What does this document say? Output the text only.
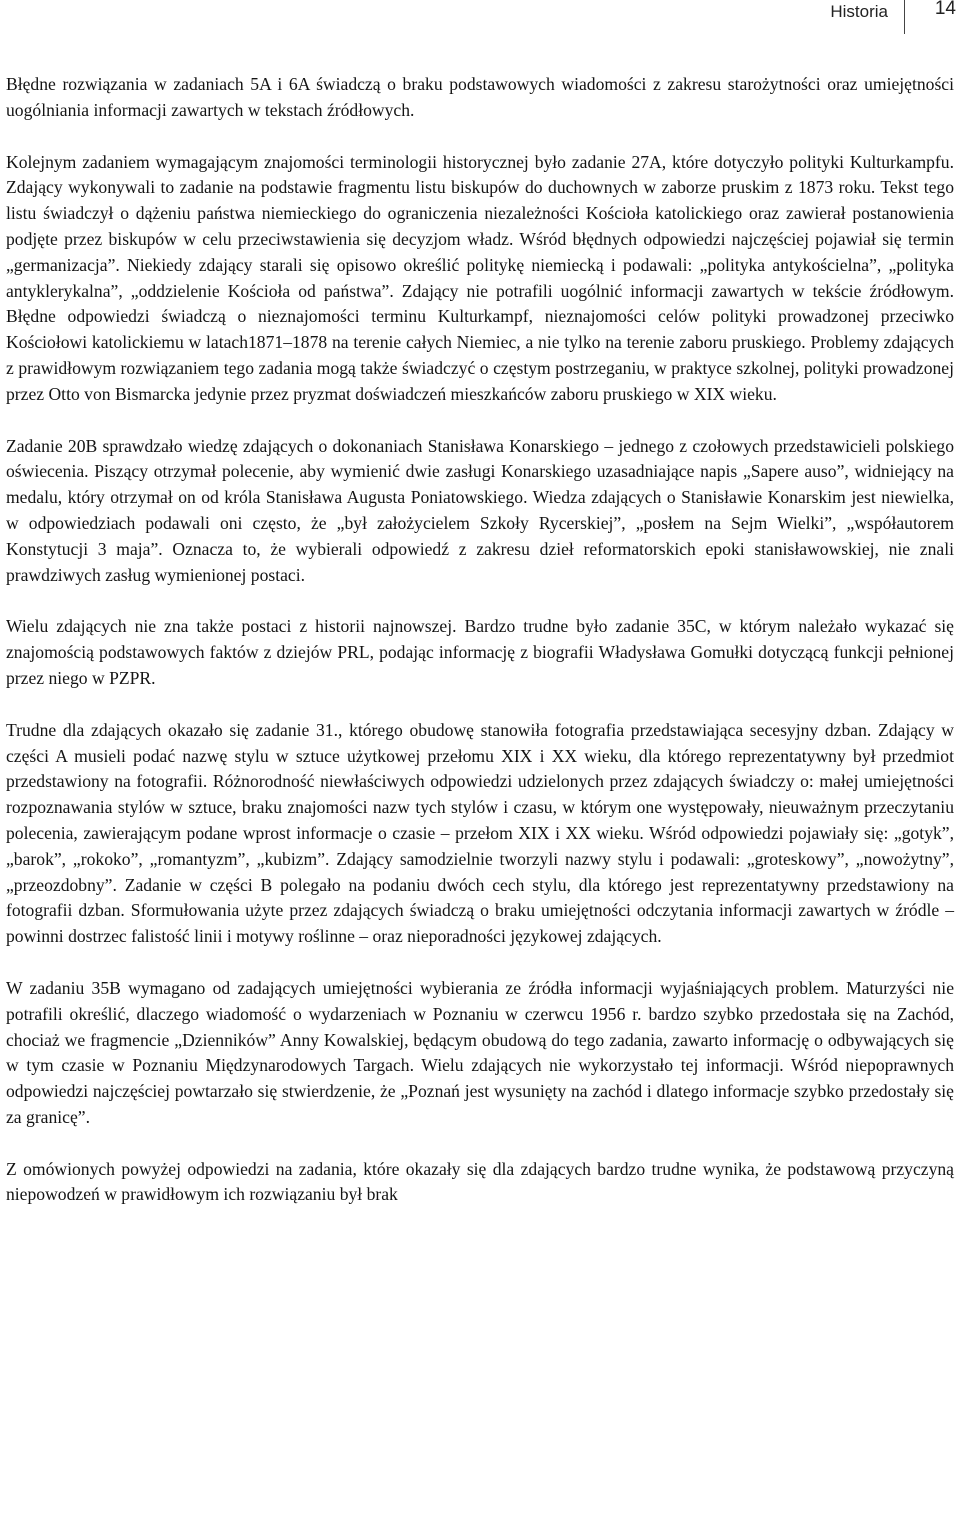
Historia 14

Błędne rozwiązania w zadaniach 5A i 6A świadczą o braku podstawowych wiadomości z zakresu starożytności oraz umiejętności uogólniania informacji zawartych w tekstach źródłowych.

Kolejnym zadaniem wymagającym znajomości terminologii historycznej było zadanie 27A, które dotyczyło polityki Kulturkampfu. Zdający wykonywali to zadanie na podstawie fragmentu listu biskupów do duchownych w zaborze pruskim z 1873 roku. Tekst tego listu świadczył o dążeniu państwa niemieckiego do ograniczenia niezależności Kościoła katolickiego oraz zawierał postanowienia podjęte przez biskupów w celu przeciwstawienia się decyzjom władz. Wśród błędnych odpowiedzi najczęściej pojawiał się termin „germanizacja”. Niekiedy zdający starali się opisowo określić politykę niemiecką i podawali: „polityka antykościelna”, „polityka antyklerykalna”, „oddzielenie Kościoła od państwa”. Zdający nie potrafili uogólnić informacji zawartych w tekście źródłowym. Błędne odpowiedzi świadczą o nieznajomości terminu Kulturkampf, nieznajomości celów polityki prowadzonej przeciwko Kościołowi katolickiemu w latach1871–1878 na terenie całych Niemiec, a nie tylko na terenie zaboru pruskiego. Problemy zdających z prawidłowym rozwiązaniem tego zadania mogą także świadczyć o częstym postrzeganiu, w praktyce szkolnej, polityki prowadzonej przez Otto von Bismarcka jedynie przez pryzmat doświadczeń mieszkańców zaboru pruskiego w XIX wieku.

Zadanie 20B sprawdzało wiedzę zdających o dokonaniach Stanisława Konarskiego – jednego z czołowych przedstawicieli polskiego oświecenia. Piszący otrzymał polecenie, aby wymienić dwie zasługi Konarskiego uzasadniające napis „Sapere auso”, widniejący na medalu, który otrzymał on od króla Stanisława Augusta Poniatowskiego. Wiedza zdających o Stanisławie Konarskim jest niewielka, w odpowiedziach podawali oni często, że „był założycielem Szkoły Rycerskiej”, „posłem na Sejm Wielki”, „współautorem Konstytucji 3 maja”. Oznacza to, że wybierali odpowiedź z zakresu dzieł reformatorskich epoki stanisławowskiej, nie znali prawdziwych zasług wymienionej postaci.

Wielu zdających nie zna także postaci z historii najnowszej. Bardzo trudne było zadanie 35C, w którym należało wykazać się znajomością podstawowych faktów z dziejów PRL, podając informację z biografii Władysława Gomułki dotyczącą funkcji pełnionej przez niego w PZPR.

Trudne dla zdających okazało się zadanie 31., którego obudowę stanowiła fotografia przedstawiająca secesyjny dzban. Zdający w części A musieli podać nazwę stylu w sztuce użytkowej przełomu XIX i XX wieku, dla którego reprezentatywny był przedmiot przedstawiony na fotografii. Różnorodność niewłaściwych odpowiedzi udzielonych przez zdających świadczy o: małej umiejętności rozpoznawania stylów w sztuce, braku znajomości nazw tych stylów i czasu, w którym one występowały, nieuważnym przeczytaniu polecenia, zawierającym podane wprost informacje o czasie – przełom XIX i XX wieku. Wśród odpowiedzi pojawiały się: „gotyk”, „barok”, „rokoko”, „romantyzm”, „kubizm”. Zdający samodzielnie tworzyli nazwy stylu i podawali: „groteskowy”, „nowożytny”, „przeozdobny”. Zadanie w części B polegało na podaniu dwóch cech stylu, dla którego jest reprezentatywny przedstawiony na fotografii dzban. Sformułowania użyte przez zdających świadczą o braku umiejętności odczytania informacji zawartych w źródle – powinni dostrzec falistość linii i motywy roślinne – oraz nieporadności językowej zdających.

W zadaniu 35B wymagano od zadających umiejętności wybierania ze źródła informacji wyjaśniających problem. Maturzyści nie potrafili określić, dlaczego wiadomość o wydarzeniach w Poznaniu w czerwcu 1956 r. bardzo szybko przedostała się na Zachód, chociaż we fragmencie „Dzienników” Anny Kowalskiej, będącym obudową do tego zadania, zawarto informację o odbywających się w tym czasie w Poznaniu Międzynarodowych Targach. Wielu zdających nie wykorzystało tej informacji. Wśród niepoprawnych odpowiedzi najczęściej powtarzało się stwierdzenie, że „Poznań jest wysunięty na zachód i dlatego informacje szybko przedostały się za granicę”.

Z omówionych powyżej odpowiedzi na zadania, które okazały się dla zdających bardzo trudne wynika, że podstawową przyczyną niepowodzeń w prawidłowym ich rozwiązaniu był brak
